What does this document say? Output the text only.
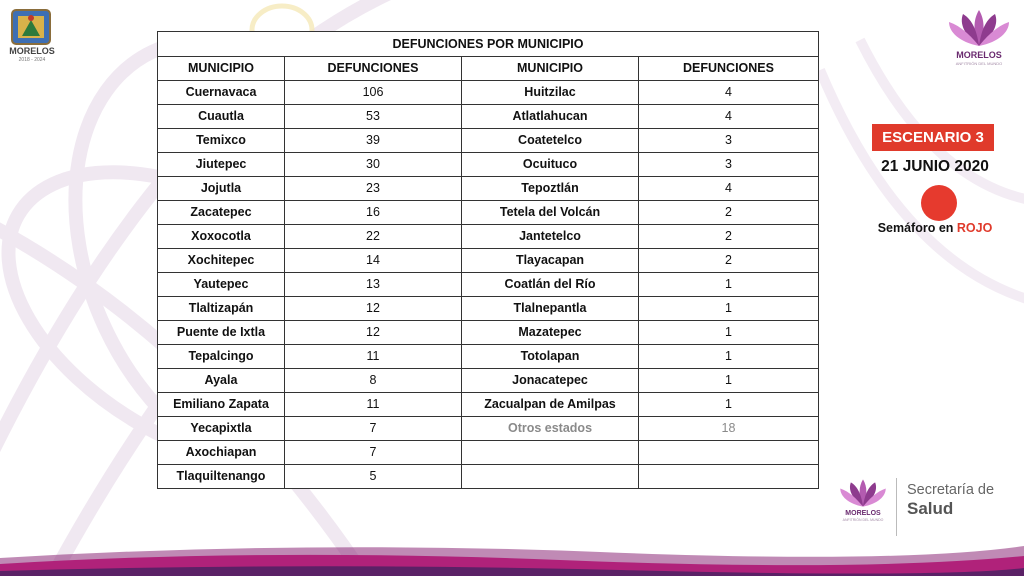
MORELOS
2018 - 2024	MORELOS
ANFITRIÓN DEL MUNDO
DEFUNCIONES POR MUNICIPIO			
MUNICIPIO	DEFUNCIONES	MUNICIPIO	DEFUNCIONES
Cuernavaca	106	Huitzilac	4
Cuautla	53	Atlatlahucan	4
Temixco	39	Coatetelco	3
Jiutepec	30	Ocuituco	3
Jojutla	23	Tepoztlán	4
Zacatepec	16	Tetela del Volcán	2
Xoxocotla	22	Jantetelco	2
Xochitepec	14	Tlayacapan	2
Yautepec	13	Coatlán del Río	1
Tlaltizapán	12	Tlalnepantla	1
Puente de Ixtla	12	Mazatepec	1
Tepalcingo	11	Totolapan	1
Ayala	8	Jonacatepec	1
Emiliano Zapata	11	Zacualpan de Amilpas	1
Yecapixtla	7	Otros estados	18
Axochiapan	7		
Tlaquiltenango	5		
ESCENARIO 3
21 JUNIO 2020
Semáforo en ROJO
MORELOS
ANFITRIÓN DEL MUNDO
Secretaría de
Salud
